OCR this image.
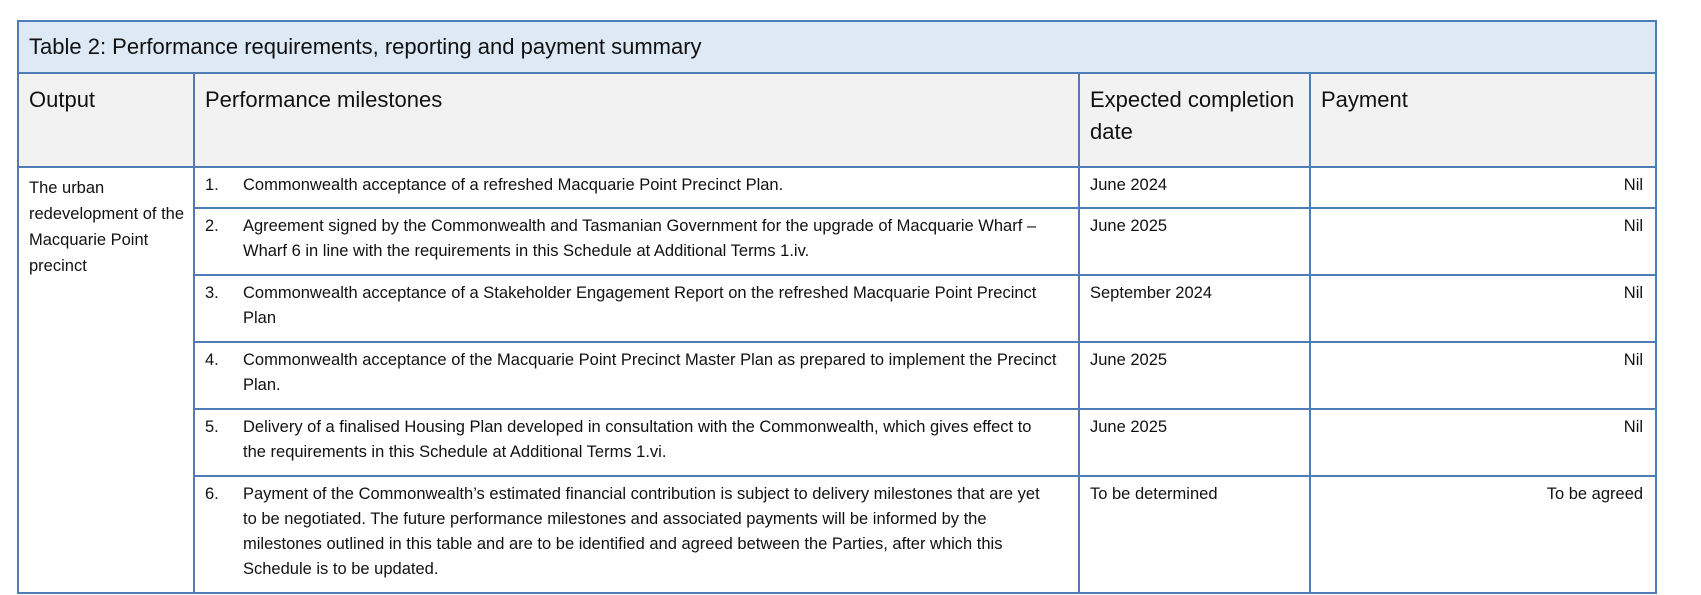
Table 2: Performance requirements, reporting and payment summary			
Output	Performance milestones	Expected completion date	Payment
The urban redevelopment of the Macquarie Point precinct	1. Commonwealth acceptance of a refreshed Macquarie Point Precinct Plan.	June 2024	Nil

	2. Agreement signed by the Commonwealth and Tasmanian Government for the upgrade of Macquarie Wharf – Wharf 6 in line with the requirements in this Schedule at Additional Terms 1.iv.	June 2025	Nil

	3. Commonwealth acceptance of a Stakeholder Engagement Report on the refreshed Macquarie Point Precinct Plan	September 2024	Nil

	4. Commonwealth acceptance of the Macquarie Point Precinct Master Plan as prepared to implement the Precinct Plan.	June 2025	Nil

	5. Delivery of a finalised Housing Plan developed in consultation with the Commonwealth, which gives effect to the requirements in this Schedule at Additional Terms 1.vi.	June 2025	Nil

	6. Payment of the Commonwealth’s estimated financial contribution is subject to delivery milestones that are yet to be negotiated. The future performance milestones and associated payments will be informed by the milestones outlined in this table and are to be identified and agreed between the Parties, after which this Schedule is to be updated.	To be determined	To be agreed
